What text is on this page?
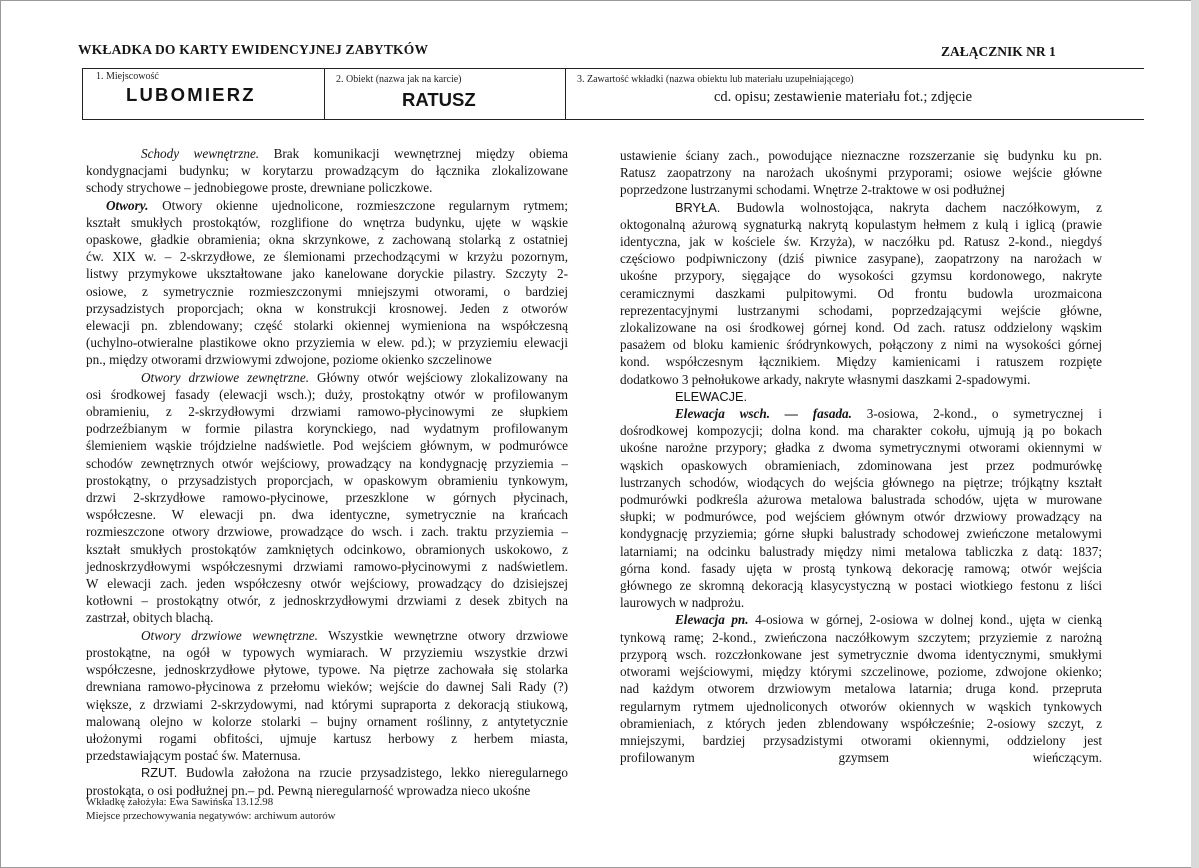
WKŁADKA DO KARTY EWIDENCYJNEJ ZABYTKÓW	ZAŁĄCZNIK NR 1
1. Miejscowość
LUBOMIERZ
2. Obiekt (nazwa jak na karcie)
RATUSZ
3. Zawartość wkładki (nazwa obiektu lub materiału uzupełniającego)
cd. opisu; zestawienie materiału fot.; zdjęcie
Schody wewnętrzne. Brak komunikacji wewnętrznej między obiema
kondygnacjami budynku; w korytarzu prowadzącym do łącznika zlokalizowane
schody strychowe – jednobiegowe proste, drewniane policzkowe.
Otwory. Otwory okienne ujednolicone, rozmieszczone regularnym rytmem;
kształt smukłych prostokątów, rozglifione do wnętrza budynku, ujęte w wąskie
opaskowe, gładkie obramienia; okna skrzynkowe, z zachowaną stolarką z ostatniej
ćw. XIX w. – 2-skrzydłowe, ze ślemionami przechodzącymi w krzyżu pozornym,
listwy przymykowe ukształtowane jako kanelowane doryckie pilastry. Szczyty 2-
osiowe, z symetrycznie rozmieszczonymi mniejszymi otworami, o bardziej
przysadzistych proporcjach; okna w konstrukcji krosnowej. Jeden z otworów
elewacji pn. zblendowany; część stolarki okiennej wymieniona na współczesną
(uchylno-otwieralne plastikowe okno przyziemia w elew. pd.); w przyziemiu elewacji
pn., między otworami drzwiowymi zdwojone, poziome okienko szczelinowe
Otwory drzwiowe zewnętrzne. Główny otwór wejściowy zlokalizowany na
osi środkowej fasady (elewacji wsch.); duży, prostokątny otwór w profilowanym
obramieniu, z 2-skrzydłowymi drzwiami ramowo-płycinowymi ze słupkiem
podrzeźbianym w formie pilastra korynckiego, nad wydatnym profilowanym
ślemieniem wąskie trójdzielne nadświetle. Pod wejściem głównym, w podmurówce
schodów zewnętrznych otwór wejściowy, prowadzący na kondygnację przyziemia –
prostokątny, o przysadzistych proporcjach, w opaskowym obramieniu tynkowym,
drzwi 2-skrzydłowe ramowo-płycinowe, przeszklone w górnych płycinach,
współczesne. W elewacji pn. dwa identyczne, symetrycznie na krańcach
rozmieszczone otwory drzwiowe, prowadzące do wsch. i zach. traktu przyziemia –
kształt smukłych prostokątów zamkniętych odcinkowo, obramionych uskokowo, z
jednoskrzydłowymi współczesnymi drzwiami ramowo-płycinowymi z nadświetlem.
W elewacji zach. jeden współczesny otwór wejściowy, prowadzący do dzisiejszej
kotłowni – prostokątny otwór, z jednoskrzydłowymi drzwiami z desek zbitych na
zastrzał, obitych blachą.
Otwory drzwiowe wewnętrzne. Wszystkie wewnętrzne otwory drzwiowe
prostokątne, na ogół w typowych wymiarach. W przyziemiu wszystkie drzwi
współczesne, jednoskrzydłowe płytowe, typowe. Na piętrze zachowała się stolarka
drewniana ramowo-płycinowa z przełomu wieków; wejście do dawnej Sali Rady (?)
większe, z drzwiami 2-skrzydowymi, nad którymi supraporta z dekoracją stiukową,
malowaną olejno w kolorze stolarki – bujny ornament roślinny, z antytetycznie
ułożonymi rogami obfitości, ujmuje kartusz herbowy z herbem miasta,
przedstawiającym postać św. Maternusa.
RZUT. Budowla założona na rzucie przysadzistego, lekko nieregularnego
prostokąta, o osi podłużnej pn.– pd. Pewną nieregularność wprowadza nieco ukośne
ustawienie ściany zach., powodujące nieznaczne rozszerzanie się budynku ku pn.
Ratusz zaopatrzony na narożach ukośnymi przyporami; osiowe wejście główne
poprzedzone lustrzanymi schodami. Wnętrze 2-traktowe w osi podłużnej
BRYŁA. Budowla wolnostojąca, nakryta dachem naczółkowym, z
oktogonalną ażurową sygnaturką nakrytą kopulastym hełmem z kulą i iglicą (prawie
identyczna, jak w kościele św. Krzyża), w naczółku pd. Ratusz 2-kond., niegdyś
częściowo podpiwniczony (dziś piwnice zasypane), zaopatrzony na narożach w
ukośne przypory, sięgające do wysokości gzymsu kordonowego, nakryte
ceramicznymi daszkami pulpitowymi. Od frontu budowla urozmaicona
reprezentacyjnymi lustrzanymi schodami, poprzedzającymi wejście główne,
zlokalizowane na osi środkowej górnej kond. Od zach. ratusz oddzielony wąskim
pasażem od bloku kamienic śródrynkowych, połączony z nimi na wysokości górnej
kond. współczesnym łącznikiem. Między kamienicami i ratuszem rozpięte
dodatkowo 3 pełnołukowe arkady, nakryte własnymi daszkami 2-spadowymi.
ELEWACJE.
Elewacja wsch. — fasada. 3-osiowa, 2-kond., o symetrycznej i
dośrodkowej kompozycji; dolna kond. ma charakter cokołu, ujmują ją po bokach
ukośne narożne przypory; gładka z dwoma symetrycznymi otworami okiennymi w
wąskich opaskowych obramieniach, zdominowana jest przez podmurówkę
lustrzanych schodów, wiodących do wejścia głównego na piętrze; trójkątny kształt
podmurówki podkreśla ażurowa metalowa balustrada schodów, ujęta w murowane
słupki; w podmurówce, pod wejściem głównym otwór drzwiowy prowadzący na
kondygnację przyziemia; górne słupki balustrady schodowej zwieńczone metalowymi
latarniami; na odcinku balustrady między nimi metalowa tabliczka z datą: 1837;
górna kond. fasady ujęta w prostą tynkową dekorację ramową; otwór wejścia
głównego ze skromną dekoracją klasycystyczną w postaci wiotkiego festonu z liści
laurowych w nadprożu.
Elewacja pn. 4-osiowa w górnej, 2-osiowa w dolnej kond., ujęta w cienką
tynkową ramę; 2-kond., zwieńczona naczółkowym szczytem; przyziemie z narożną
przyporą wsch. rozczłonkowane jest symetrycznie dwoma identycznymi, smukłymi
otworami wejściowymi, między którymi szczelinowe, poziome, zdwojone okienko;
nad każdym otworem drzwiowym metalowa latarnia; druga kond. przepruta
regularnym rytmem ujednoliconych otworów okiennych w wąskich tynkowych
obramieniach, z których jeden zblendowany współcześnie; 2-osiowy szczyt, z
mniejszymi, bardziej przysadzistymi otworami okiennymi, oddzielony jest
profilowanym gzymsem wieńczącym.
Wkładkę założyła: Ewa Sawińska 13.12.98
Miejsce przechowywania negatywów: archiwum autorów
